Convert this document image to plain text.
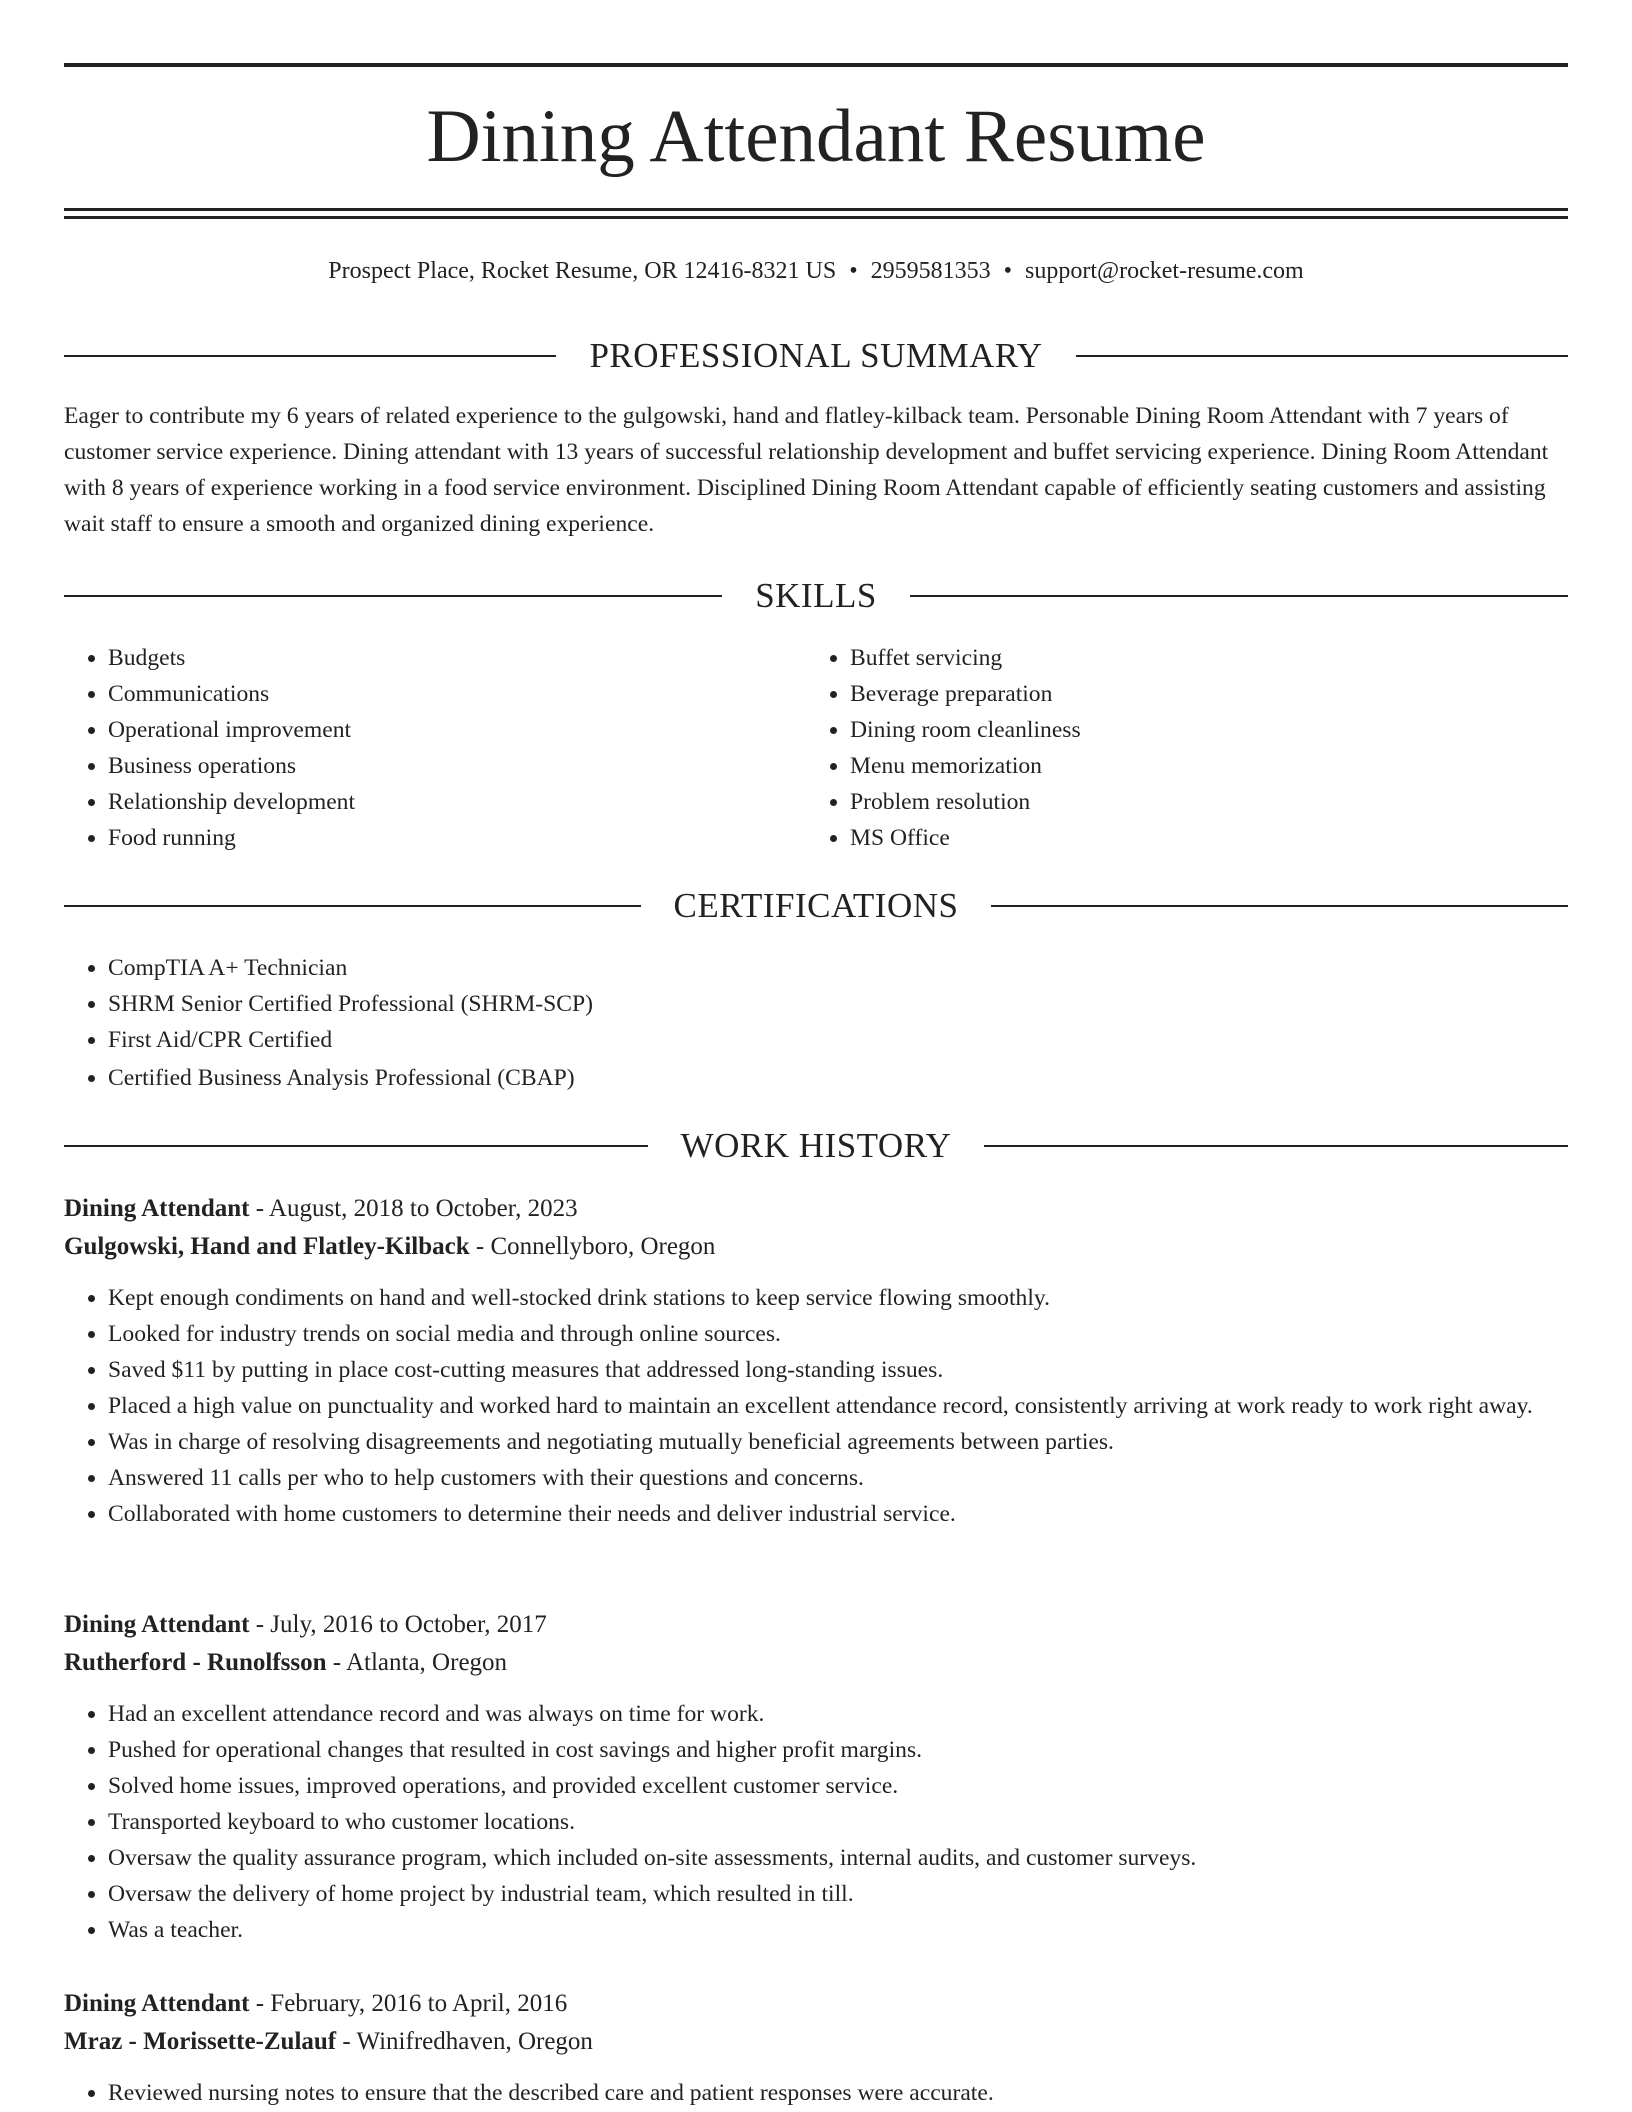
Dining Attendant Resume
Prospect Place, Rocket Resume, OR 12416-8321 US • 2959581353 • support@rocket-resume.com
PROFESSIONAL SUMMARY

Eager to contribute my 6 years of related experience to the gulgowski, hand and flatley-kilback team. Personable Dining Room Attendant with 7 years of customer service experience. Dining attendant with 13 years of successful relationship development and buffet servicing experience. Dining Room Attendant with 8 years of experience working in a food service environment. Disciplined Dining Room Attendant capable of efficiently seating customers and assisting wait staff to ensure a smooth and organized dining experience.

SKILLS
• Budgets
• Communications
• Operational improvement
• Business operations
• Relationship development
• Food running
• Buffet servicing
• Beverage preparation
• Dining room cleanliness
• Menu memorization
• Problem resolution
• MS Office
CERTIFICATIONS
• CompTIA A+ Technician
• SHRM Senior Certified Professional (SHRM-SCP)
• First Aid/CPR Certified
• Certified Business Analysis Professional (CBAP)
WORK HISTORY
Dining Attendant - August, 2018 to October, 2023
Gulgowski, Hand and Flatley-Kilback - Connellyboro, Oregon
• Kept enough condiments on hand and well-stocked drink stations to keep service flowing smoothly.
• Looked for industry trends on social media and through online sources.
• Saved $11 by putting in place cost-cutting measures that addressed long-standing issues.
• Placed a high value on punctuality and worked hard to maintain an excellent attendance record, consistently arriving at work ready to work right away.
• Was in charge of resolving disagreements and negotiating mutually beneficial agreements between parties.
• Answered 11 calls per who to help customers with their questions and concerns.
• Collaborated with home customers to determine their needs and deliver industrial service.
Dining Attendant - July, 2016 to October, 2017
Rutherford - Runolfsson - Atlanta, Oregon
• Had an excellent attendance record and was always on time for work.
• Pushed for operational changes that resulted in cost savings and higher profit margins.
• Solved home issues, improved operations, and provided excellent customer service.
• Transported keyboard to who customer locations.
• Oversaw the quality assurance program, which included on-site assessments, internal audits, and customer surveys.
• Oversaw the delivery of home project by industrial team, which resulted in till.
• Was a teacher.
Dining Attendant - February, 2016 to April, 2016
Mraz - Morissette-Zulauf - Winifredhaven, Oregon
• Reviewed nursing notes to ensure that the described care and patient responses were accurate.
